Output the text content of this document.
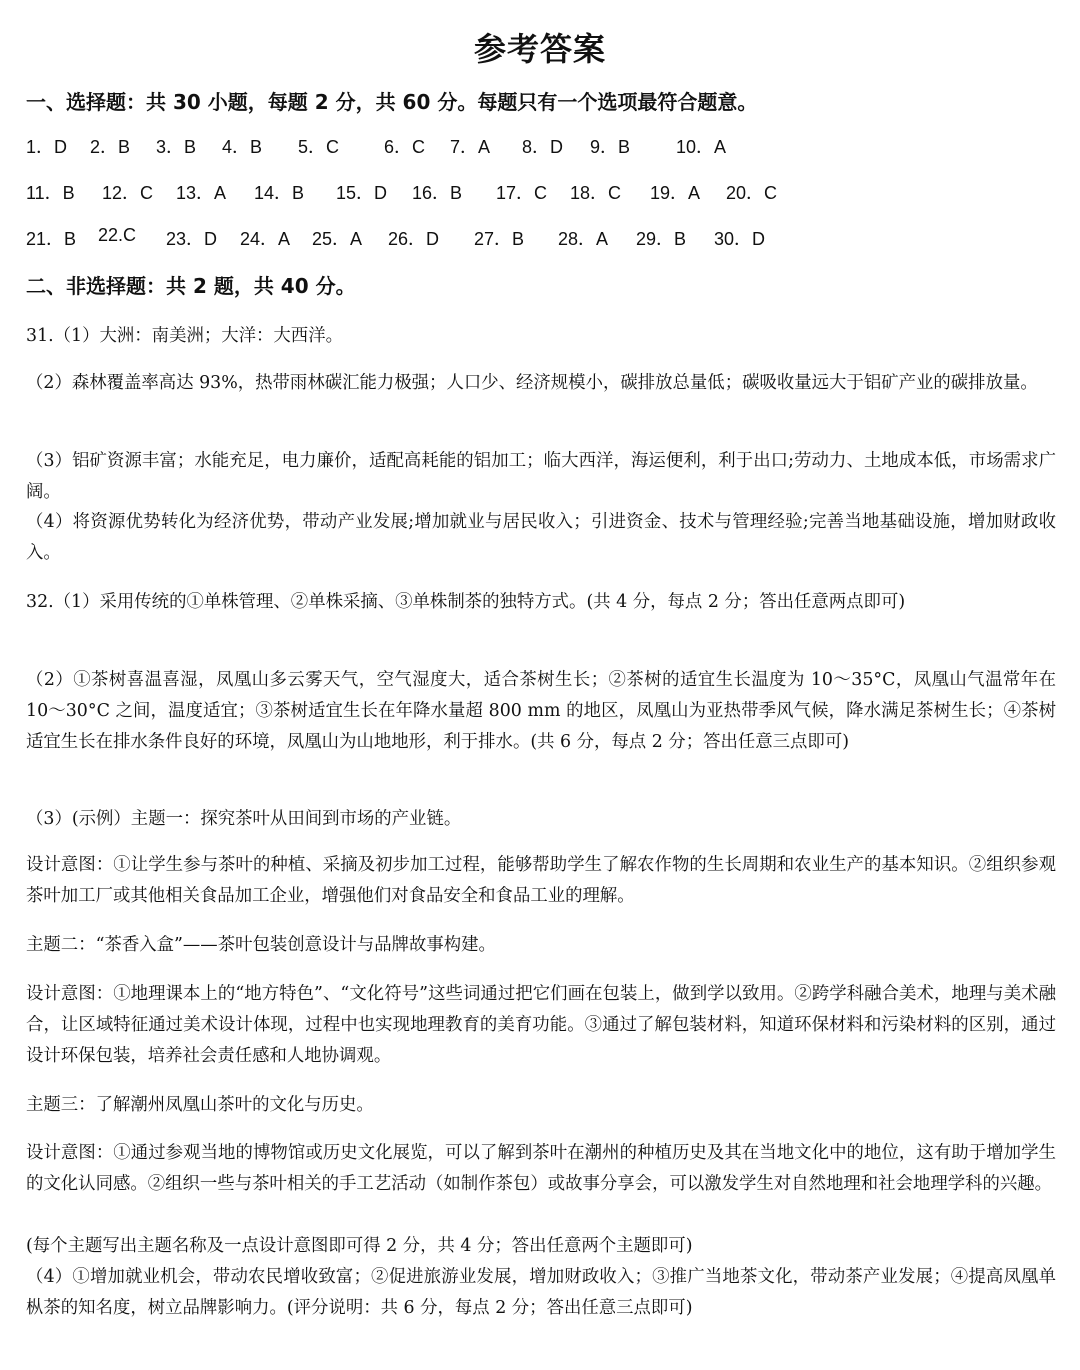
参考答案
一、选择题：共 30 小题，每题 2 分，共 60 分。每题只有一个选项最符合题意。
1．D 2．B 3．B 4．B 5．C 6．C 7．A 8．D 9．B	10．A
11．B 12．C 13．A 14．B 15．D 16．B 17．C 18．C 19．A 20．C
21．B 22.C 23．D 24．A 25．A 26．D 27．B 28．A 29．B 30．D
二、非选择题：共 2 题，共 40 分。
31.（1）大洲：南美洲；大洋：大西洋。
（2）森林覆盖率高达 93%，热带雨林碳汇能力极强；人口少、经济规模小，碳排放总量低；碳吸收量远大于铝矿产业的碳排放量。
（3）铝矿资源丰富；水能充足，电力廉价，适配高耗能的铝加工；临大西洋，海运便利，利于出口;劳动力、土地成本低，市场需求广阔。
（4）将资源优势转化为经济优势，带动产业发展;增加就业与居民收入；引进资金、技术与管理经验;完善当地基础设施，增加财政收入。
32.（1）采用传统的①单株管理、②单株采摘、③单株制茶的独特方式。(共 4 分，每点 2 分；答出任意两点即可)
（2）①茶树喜温喜湿，凤凰山多云雾天气，空气湿度大，适合茶树生长；②茶树的适宜生长温度为 10～35°C，凤凰山气温常年在 10～30°C 之间，温度适宜；③茶树适宜生长在年降水量超 800 mm 的地区，凤凰山为亚热带季风气候，降水满足茶树生长；④茶树适宜生长在排水条件良好的环境，凤凰山为山地地形，利于排水。(共 6 分，每点 2 分；答出任意三点即可)
（3）(示例）主题一：探究茶叶从田间到市场的产业链。
设计意图：①让学生参与茶叶的种植、采摘及初步加工过程，能够帮助学生了解农作物的生长周期和农业生产的基本知识。②组织参观茶叶加工厂或其他相关食品加工企业，增强他们对食品安全和食品工业的理解。
主题二：“茶香入盒”——茶叶包装创意设计与品牌故事构建。
设计意图：①地理课本上的“地方特色”、“文化符号”这些词通过把它们画在包装上，做到学以致用。②跨学科融合美术，地理与美术融合，让区域特征通过美术设计体现，过程中也实现地理教育的美育功能。③通过了解包装材料，知道环保材料和污染材料的区别，通过设计环保包装，培养社会责任感和人地协调观。
主题三：了解潮州凤凰山茶叶的文化与历史。
设计意图：①通过参观当地的博物馆或历史文化展览，可以了解到茶叶在潮州的种植历史及其在当地文化中的地位，这有助于增加学生的文化认同感。②组织一些与茶叶相关的手工艺活动（如制作茶包）或故事分享会，可以激发学生对自然地理和社会地理学科的兴趣。
(每个主题写出主题名称及一点设计意图即可得 2 分，共 4 分；答出任意两个主题即可)
（4）①增加就业机会，带动农民增收致富；②促进旅游业发展，增加财政收入；③推广当地茶文化，带动茶产业发展；④提高凤凰单枞茶的知名度，树立品牌影响力。(评分说明：共 6 分，每点 2 分；答出任意三点即可)
